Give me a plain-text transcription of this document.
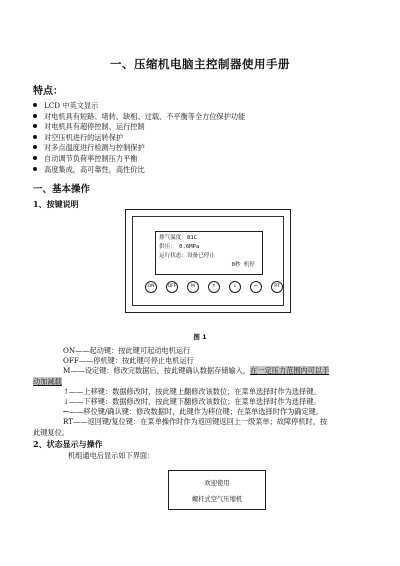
一、压缩机电脑主控制器使用手册
特点：
LCD 中英文显示
对电机具有短路、堵转、缺相、过载、不平衡等全方位保护功能
对电机具有超停控制、运行控制
对空压机进行的运转保护
对多点温度进行检测与控制保护
自动调节负荷率控制压力平衡
高度集成，高可靠性，高性价比
一、基本操作
1、按键说明
排气温度：81C
供压： 0.6MPa
运行状态：设备已停止
0秒 机停
ON	OFF	M	↑	↓	←	RT
图 1
ON——起动键：按此键可起动电机运行
OFF——停机键：按此键可停止电机运行
M——设定键：修改完数据后，按此键确认数据存储输入，在一定压力范围内可以手
动加减载
↑——上移键：数据修改时，按此键上翻修改该数位；在菜单选择时作为选择键。
↓——下移键：数据修改时，按此键下翻修改该数位；在菜单选择时作为选择键。
←——移位键/确认键：修改数据时，此键作为移位键；在菜单选择时作为确定键。
RT——返回键/复位键：在菜单操作时作为返回键返回上一级菜单；故障停机时，按
此键复位。
2、状态显示与操作
机组通电后显示如下界面：
欢迎使用
螺杆式空气压缩机
